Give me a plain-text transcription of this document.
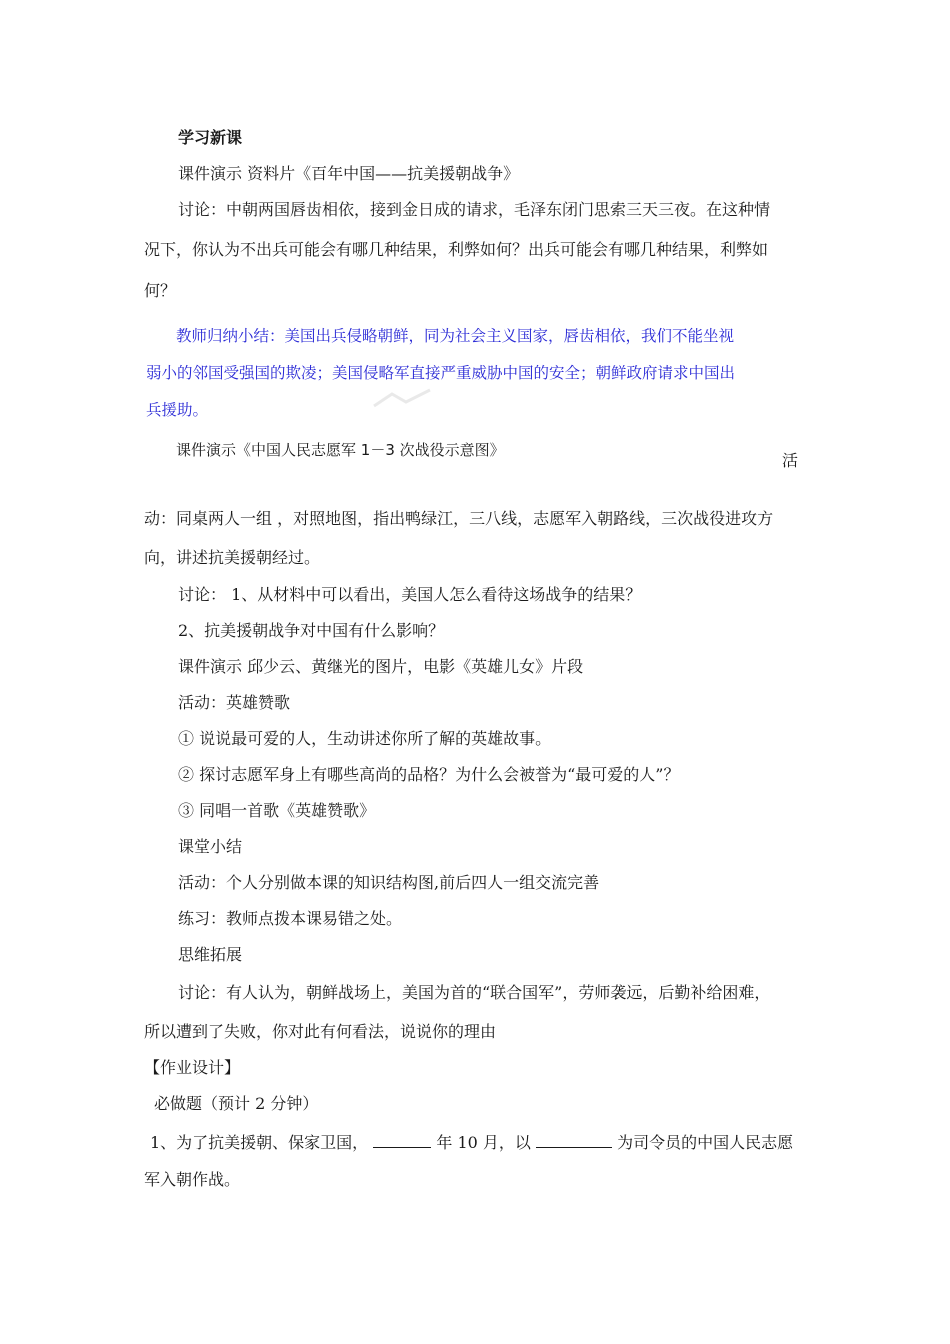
学习新课
课件演示 资料片《百年中国——抗美援朝战争》
讨论：中朝两国唇齿相依，接到金日成的请求，毛泽东闭门思索三天三夜。在这种情
况下，你认为不出兵可能会有哪几种结果，利弊如何？出兵可能会有哪几种结果，利弊如
何？
教师归纳小结：美国出兵侵略朝鲜，同为社会主义国家，唇齿相依，我们不能坐视
弱小的邻国受强国的欺凌；美国侵略军直接严重威胁中国的安全；朝鲜政府请求中国出
兵援助。
课件演示《中国人民志愿军 1－3 次战役示意图》
活
动：同桌两人一组 ，对照地图，指出鸭绿江，三八线，志愿军入朝路线，三次战役进攻方
向，讲述抗美援朝经过。
讨论： 1、从材料中可以看出，美国人怎么看待这场战争的结果？
2、抗美援朝战争对中国有什么影响？
课件演示 邱少云、黄继光的图片，电影《英雄儿女》片段
活动：英雄赞歌
① 说说最可爱的人，生动讲述你所了解的英雄故事。
② 探讨志愿军身上有哪些高尚的品格？为什么会被誉为“最可爱的人”？
③ 同唱一首歌《英雄赞歌》
课堂小结
活动：个人分别做本课的知识结构图,前后四人一组交流完善
练习：教师点拨本课易错之处。
思维拓展
讨论：有人认为，朝鲜战场上，美国为首的“联合国军”，劳师袭远，后勤补给困难，
所以遭到了失败，你对此有何看法，说说你的理由
【作业设计】
必做题（预计 2 分钟）
1、为了抗美援朝、保家卫国，	年 10 月，以	为司令员的中国人民志愿
军入朝作战。
